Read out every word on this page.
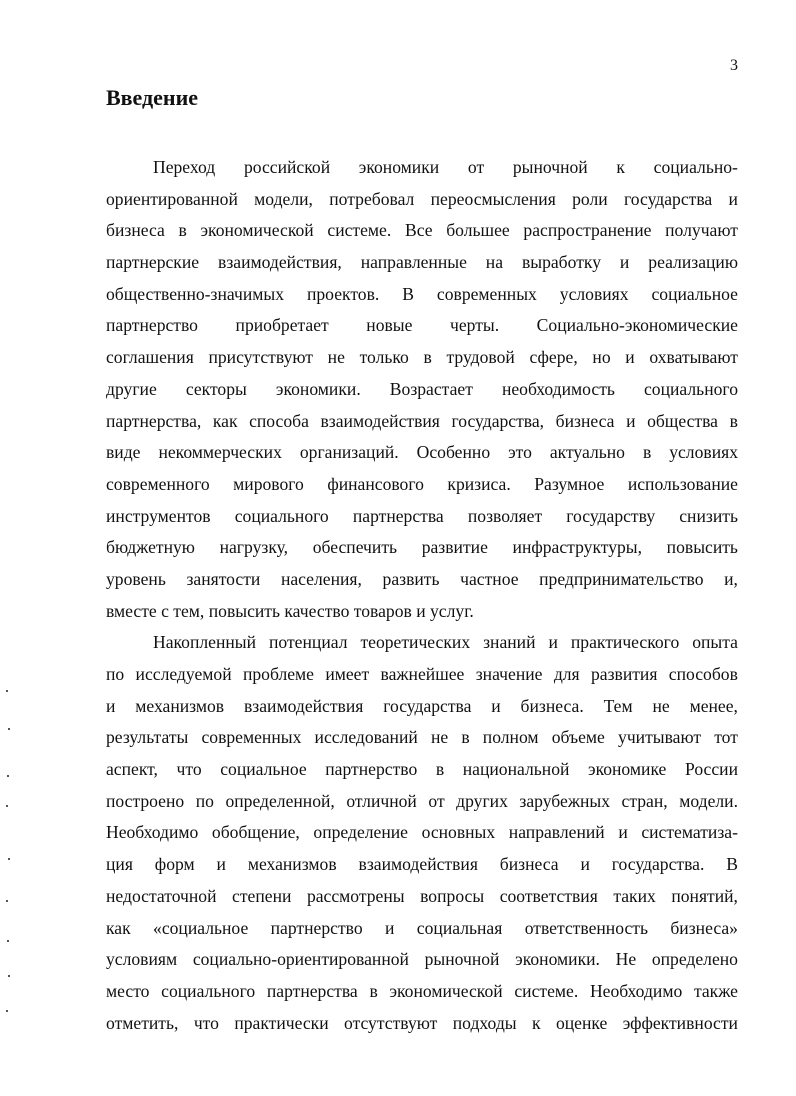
3
Введение
Переход российской экономики от рыночной к социально-
ориентированной модели, потребовал переосмысления роли государства и
бизнеса в экономической системе. Все большее распространение получают
партнерские взаимодействия, направленные на выработку и реализацию
общественно-значимых проектов. В современных условиях социальное
партнерство приобретает новые черты. Социально-экономические
соглашения присутствуют не только в трудовой сфере, но и охватывают
другие секторы экономики. Возрастает необходимость социального
партнерства, как способа взаимодействия государства, бизнеса и общества в
виде некоммерческих организаций. Особенно это актуально в условиях
современного мирового финансового кризиса. Разумное использование
инструментов социального партнерства позволяет государству снизить
бюджетную нагрузку, обеспечить развитие инфраструктуры, повысить
уровень занятости населения, развить частное предпринимательство и,
вместе с тем, повысить качество товаров и услуг.
Накопленный потенциал теоретических знаний и практического опыта
по исследуемой проблеме имеет важнейшее значение для развития способов
и механизмов взаимодействия государства и бизнеса. Тем не менее,
результаты современных исследований не в полном объеме учитывают тот
аспект, что социальное партнерство в национальной экономике России
построено по определенной, отличной от других зарубежных стран, модели.
Необходимо обобщение, определение основных направлений и систематиза-
ция форм и механизмов взаимодействия бизнеса и государства. В
недостаточной степени рассмотрены вопросы соответствия таких понятий,
как «социальное партнерство и социальная ответственность бизнеса»
условиям социально-ориентированной рыночной экономики. Не определено
место социального партнерства в экономической системе. Необходимо также
отметить, что практически отсутствуют подходы к оценке эффективности
